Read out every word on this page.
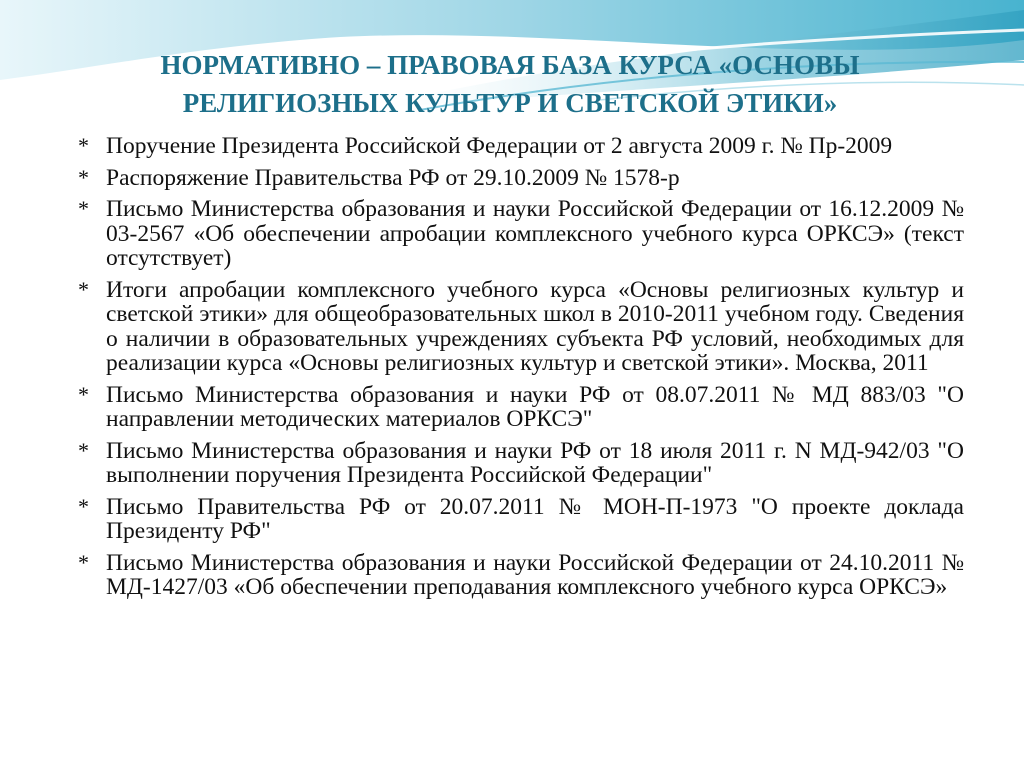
НОРМАТИВНО – ПРАВОВАЯ БАЗА КУРСА «ОСНОВЫ РЕЛИГИОЗНЫХ КУЛЬТУР И СВЕТСКОЙ ЭТИКИ»
* Поручение Президента Российской Федерации от 2 августа 2009 г. № Пр-2009
* Распоряжение Правительства РФ от 29.10.2009 № 1578-р
* Письмо Министерства образования и науки Российской Федерации от 16.12.2009 № 03-2567 «Об обеспечении апробации комплексного учебного курса ОРКСЭ» (текст отсутствует)
* Итоги апробации комплексного учебного курса «Основы религиозных культур и светской этики» для общеобразовательных школ в 2010-2011 учебном году. Сведения о наличии в образовательных учреждениях субъекта РФ условий, необходимых для реализации курса «Основы религиозных культур и светской этики». Москва, 2011
* Письмо Министерства образования и науки РФ от 08.07.2011 № МД 883/03 "О направлении методических материалов ОРКСЭ"
* Письмо Министерства образования и науки РФ от 18 июля 2011 г. N МД-942/03 "О выполнении поручения Президента Российской Федерации"
* Письмо Правительства РФ от 20.07.2011 № МОН-П-1973 "О проекте доклада Президенту РФ"
* Письмо Министерства образования и науки Российской Федерации от 24.10.2011 № МД-1427/03 «Об обеспечении преподавания комплексного учебного курса ОРКСЭ»
